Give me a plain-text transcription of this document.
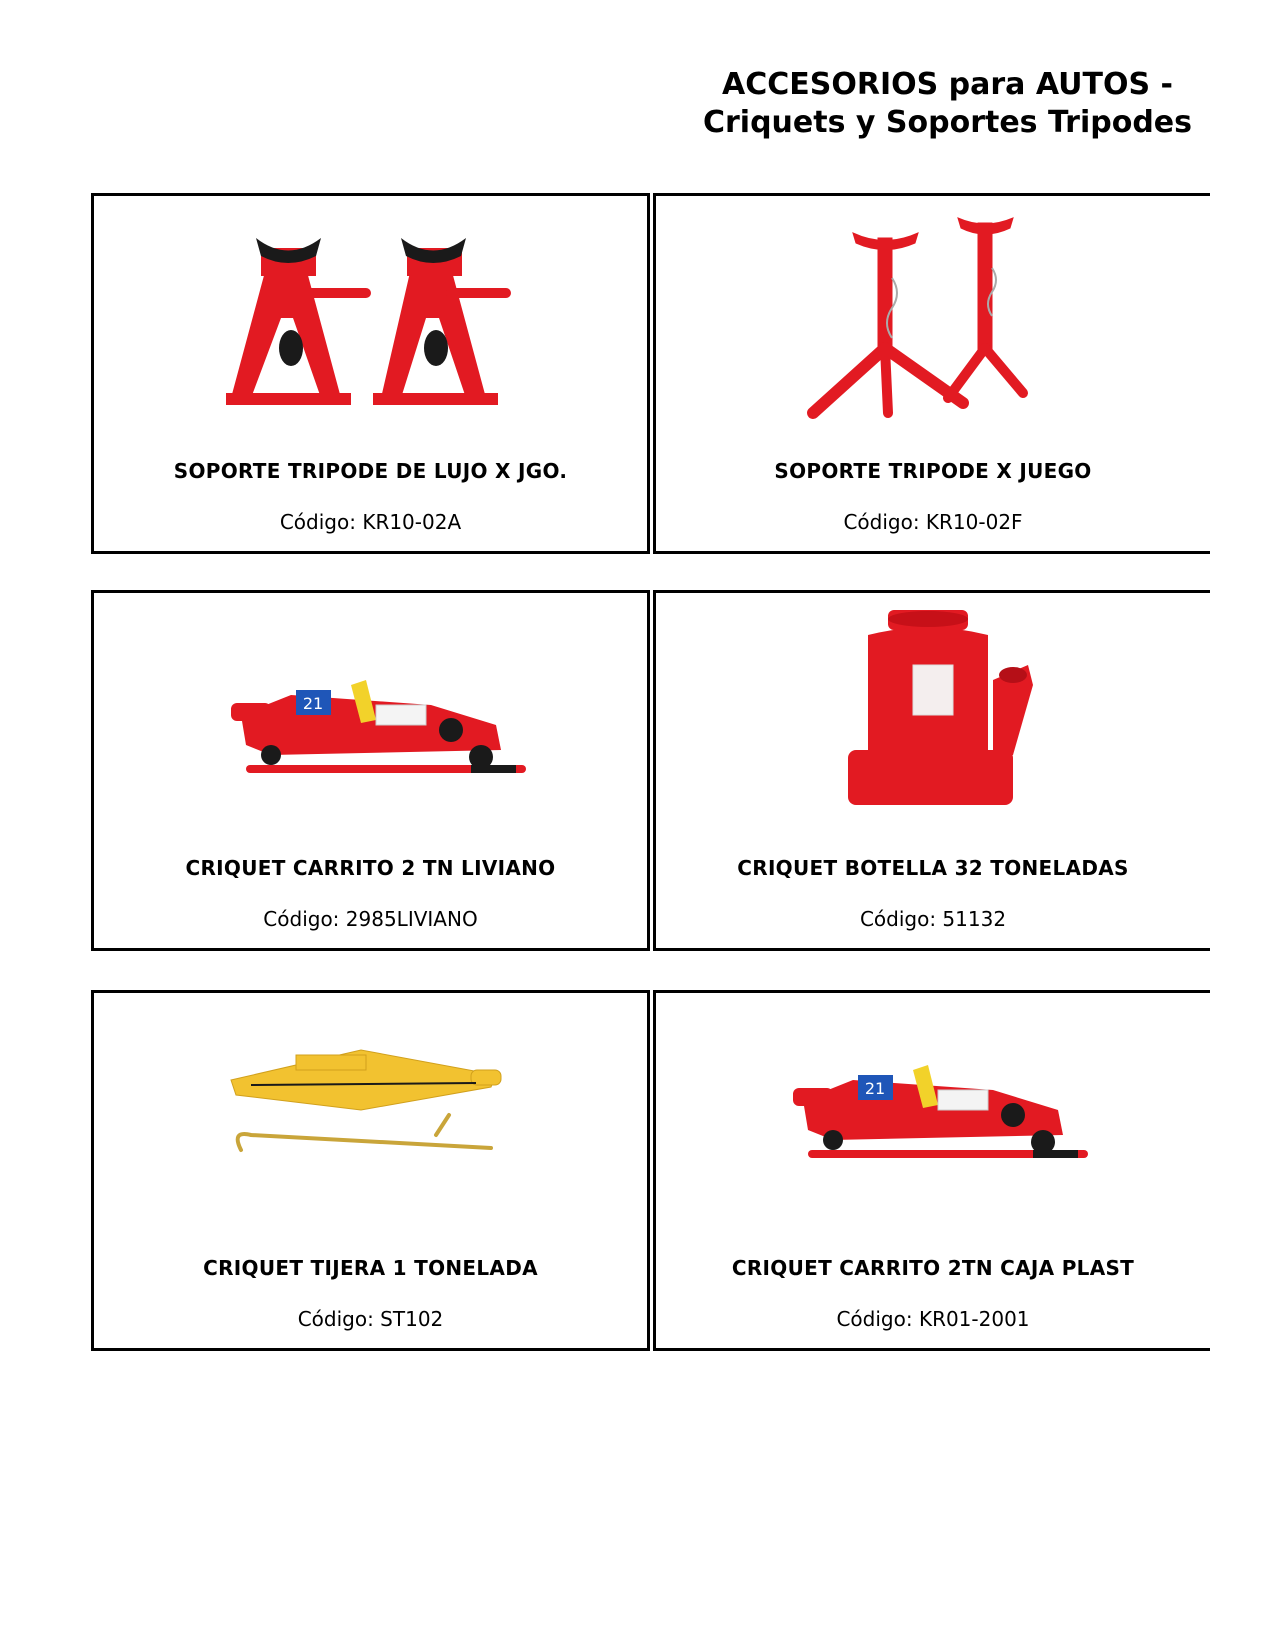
ACCESORIOS para AUTOS -
Criquets y Soportes Tripodes
SOPORTE TRIPODE DE LUJO X JGO.
Código: KR10-02A
SOPORTE TRIPODE X JUEGO
Código: KR10-02F
21
CRIQUET CARRITO 2 TN LIVIANO
Código: 2985LIVIANO
CRIQUET BOTELLA 32 TONELADAS
Código: 51132
CRIQUET TIJERA 1 TONELADA
Código: ST102
21
CRIQUET CARRITO 2TN CAJA PLAST
Código: KR01-2001
